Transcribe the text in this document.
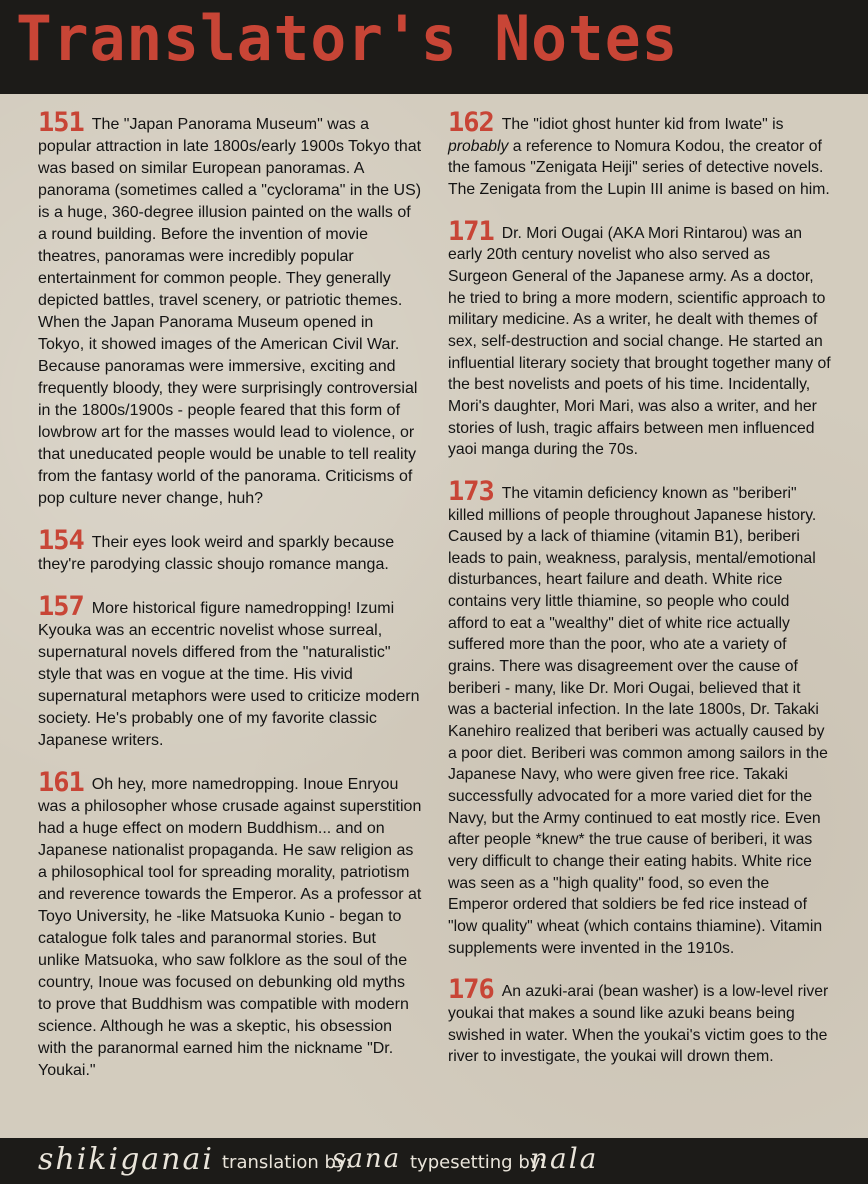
Translator's Notes

151 The "Japan Panorama Museum" was a popular attraction in late 1800s/early 1900s Tokyo that was based on similar European panoramas. A panorama (sometimes called a "cyclorama" in the US) is a huge, 360-degree illusion painted on the walls of a round building. Before the invention of movie theatres, panoramas were incredibly popular entertainment for common people. They generally depicted battles, travel scenery, or patriotic themes. When the Japan Panorama Museum opened in Tokyo, it showed images of the American Civil War. Because panoramas were immersive, exciting and frequently bloody, they were surprisingly controversial in the 1800s/1900s - people feared that this form of lowbrow art for the masses would lead to violence, or that uneducated people would be unable to tell reality from the fantasy world of the panorama. Criticisms of pop culture never change, huh?

154 Their eyes look weird and sparkly because they're parodying classic shoujo romance manga.

157 More historical figure namedropping! Izumi Kyouka was an eccentric novelist whose surreal, supernatural novels differed from the "naturalistic" style that was en vogue at the time. His vivid supernatural metaphors were used to criticize modern society. He's probably one of my favorite classic Japanese writers.

161 Oh hey, more namedropping. Inoue Enryou was a philosopher whose crusade against superstition had a huge effect on modern Buddhism... and on Japanese nationalist propaganda. He saw religion as a philosophical tool for spreading morality, patriotism and reverence towards the Emperor. As a professor at Toyo University, he -like Matsuoka Kunio - began to catalogue folk tales and paranormal stories. But unlike Matsuoka, who saw folklore as the soul of the country, Inoue was focused on debunking old myths to prove that Buddhism was compatible with modern science. Although he was a skeptic, his obsession with the paranormal earned him the nickname "Dr. Youkai."

162 The "idiot ghost hunter kid from Iwate" is probably a reference to Nomura Kodou, the creator of the famous "Zenigata Heiji" series of detective novels. The Zenigata from the Lupin III anime is based on him.

171 Dr. Mori Ougai (AKA Mori Rintarou) was an early 20th century novelist who also served as Surgeon General of the Japanese army. As a doctor, he tried to bring a more modern, scientific approach to military medicine. As a writer, he dealt with themes of sex, self-destruction and social change. He started an influential literary society that brought together many of the best novelists and poets of his time. Incidentally, Mori's daughter, Mori Mari, was also a writer, and her stories of lush, tragic affairs between men influenced yaoi manga during the 70s.

173 The vitamin deficiency known as "beriberi" killed millions of people throughout Japanese history. Caused by a lack of thiamine (vitamin B1), beriberi leads to pain, weakness, paralysis, mental/emotional disturbances, heart failure and death. White rice contains very little thiamine, so people who could afford to eat a "wealthy" diet of white rice actually suffered more than the poor, who ate a variety of grains. There was disagreement over the cause of beriberi - many, like Dr. Mori Ougai, believed that it was a bacterial infection. In the late 1800s, Dr. Takaki Kanehiro realized that beriberi was actually caused by a poor diet. Beriberi was common among sailors in the Japanese Navy, who were given free rice. Takaki successfully advocated for a more varied diet for the Navy, but the Army continued to eat mostly rice. Even after people *knew* the true cause of beriberi, it was very difficult to change their eating habits. White rice was seen as a "high quality" food, so even the Emperor ordered that soldiers be fed rice instead of "low quality" wheat (which contains thiamine). Vitamin supplements were invented in the 1910s.

176 An azuki-arai (bean washer) is a low-level river youkai that makes a sound like azuki beans being swished in water. When the youkai's victim goes to the river to investigate, the youkai will drown them.

shikiganai translation by:
sana typesetting by:
nala
